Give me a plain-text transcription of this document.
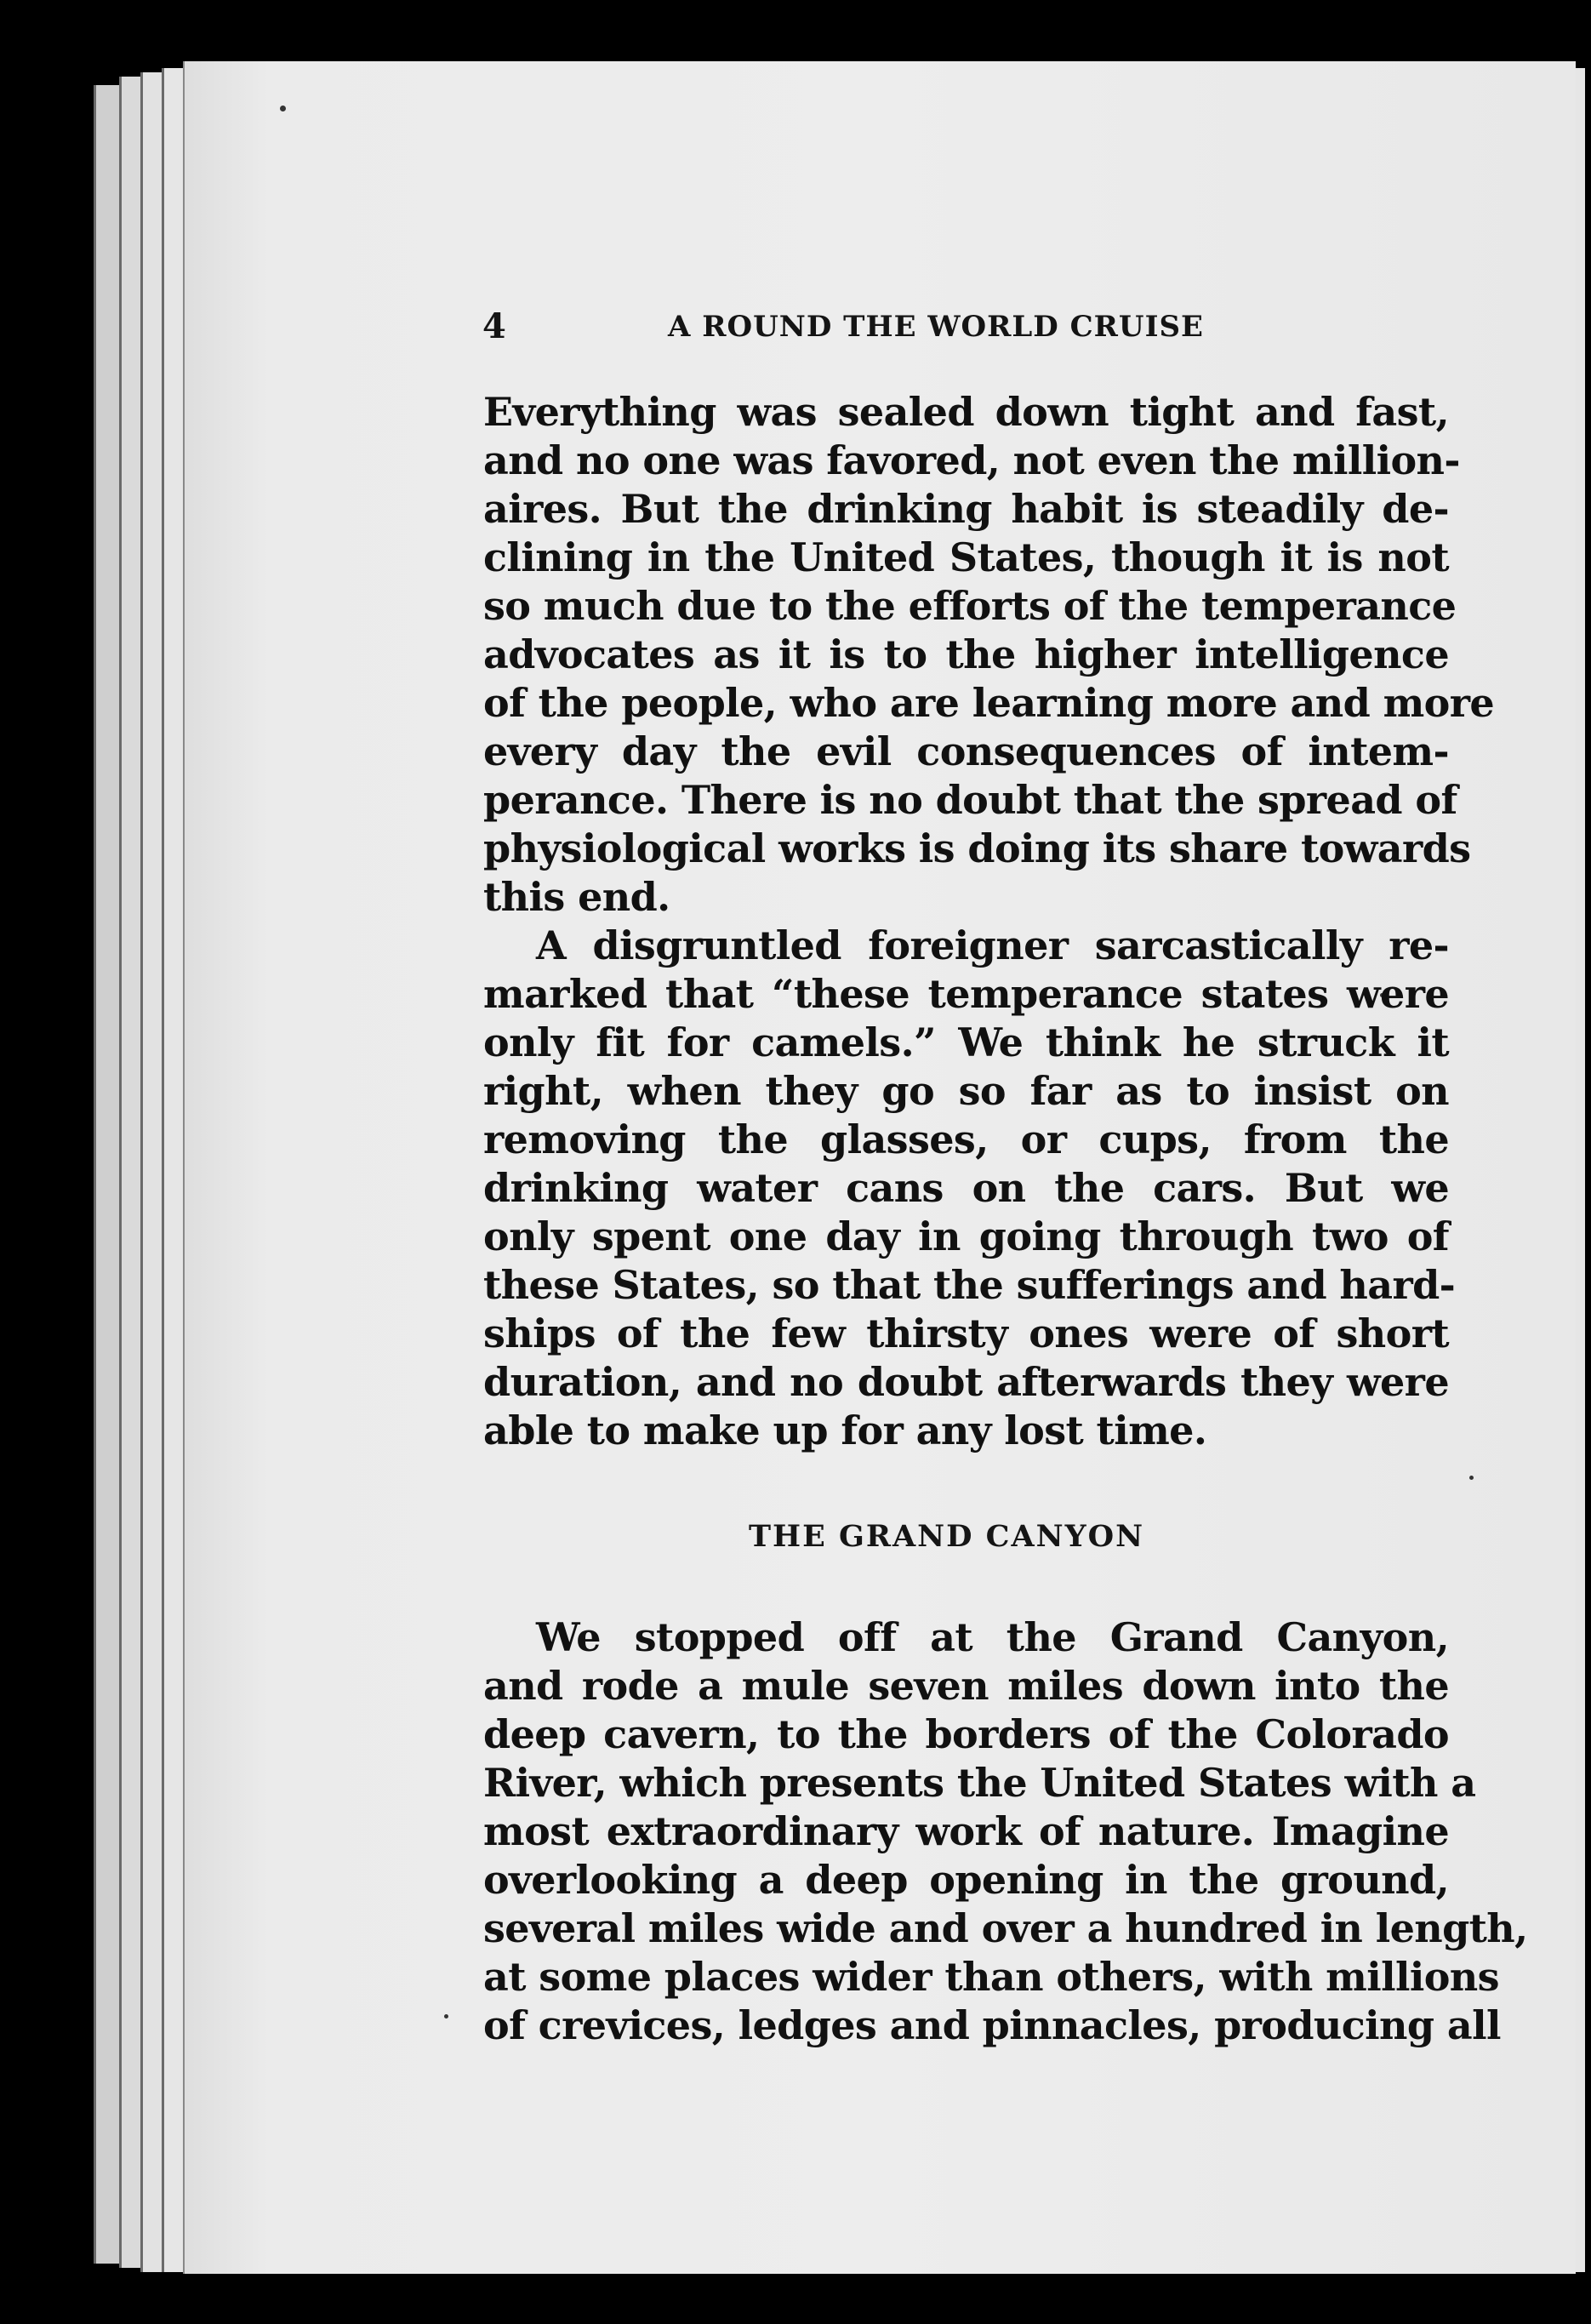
4	A ROUND THE WORLD CRUISE
Everything was sealed down tight and fast,
and no one was favored, not even the million-
aires. But the drinking habit is steadily de-
clining in the United States, though it is not
so much due to the efforts of the temperance
advocates as it is to the higher intelligence
of the people, who are learning more and more
every day the evil consequences of intem-
perance. There is no doubt that the spread of
physiological works is doing its share towards
this end.
A disgruntled foreigner sarcastically re-
marked that “these temperance states were
only fit for camels.” We think he struck it
right, when they go so far as to insist on
removing the glasses, or cups, from the
drinking water cans on the cars. But we
only spent one day in going through two of
these States, so that the sufferings and hard-
ships of the few thirsty ones were of short
duration, and no doubt afterwards they were
able to make up for any lost time.
THE GRAND CANYON
We stopped off at the Grand Canyon,
and rode a mule seven miles down into the
deep cavern, to the borders of the Colorado
River, which presents the United States with a
most extraordinary work of nature. Imagine
overlooking a deep opening in the ground,
several miles wide and over a hundred in length,
at some places wider than others, with millions
of crevices, ledges and pinnacles, producing all
